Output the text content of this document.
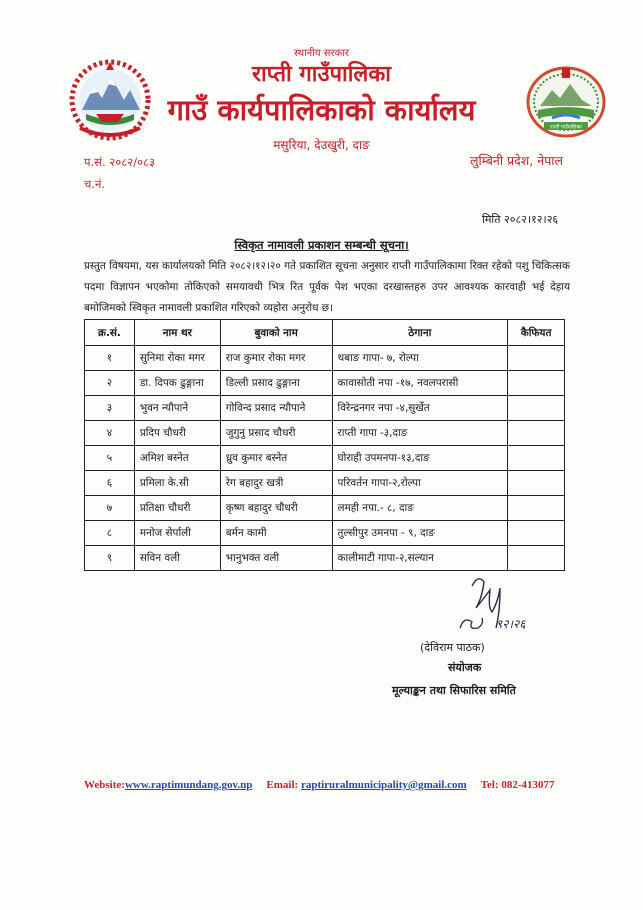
राप्ती गाउँपालिका
स्थानीय सरकार
राप्ती गाउँपालिका
गाउँ कार्यपालिकाको कार्यालय
मसुरिया, देउखुरी, दाङ
लुम्बिनी प्रदेश, नेपाल
प.सं. २०८२/०८३
च.नं.
मिति २०८२।१२।२६
स्विकृत नामावली प्रकाशन सम्बन्धी सूचना।
प्रस्तुत विषयमा, यस कार्यालयको मिति २०८२।१२।२० गते प्रकाशित सूचना अनुसार राप्ती गाउँपालिकामा रिक्त रहेको पशु चिकित्सक पदमा विज्ञापन भएकोमा तोकिएको समयावधी भित्र रित पूर्वक पेश भएका दरखास्तहरु उपर आवश्यक कारवाही भई देहाय बमोजिमको स्विकृत नामावली प्रकाशित गरिएको व्यहोरा अनुरोध छ।
क्र.सं.	नाम थर	बुवाको नाम	ठेगाना	कैफियत
१	सुनिमा रोका मगर	राज कुमार रोका मगर	थबाङ गापा- ७, रोल्पा	
२	डा. दिपक ढुङ्गाना	डिल्ली प्रसाद ढुङ्गाना	कावासोती नपा -१७, नवलपरासी	
३	भुवन न्यौपाने	गोविन्द प्रसाद न्यौपाने	विरेन्द्रनगर नपा -४,सुर्खेत	
४	प्रदिप चौधरी	जुगुनु प्रसाद चौधरी	राप्ती गापा -३,दाङ	
५	अमिश बस्नेत	ध्रुव कुमार बस्नेत	घोराही उपमनपा-१३,दाङ	
६	प्रमिला के.सी	रेग बहादुर खत्री	परिवर्तन गापा-२,रोल्पा	
७	प्रतिक्षा चौधरी	कृष्ण बहादुर चौधरी	लमही नपा.- ८, दाङ	
८	मनोज सेर्पाली	बर्मन कामी	तुल्सीपुर उमनपा - ९, दाङ	
९	सविन वली	भानुभक्त वली	कालीमाटी गापा-२,सल्यान	
९२।२६
(देविराम पाठक)
संयोजक
मूल्याङ्कन तथा सिफारिस समिति
Website:www.raptimundang.gov.np Email: raptiruralmunicipality@gmail.com Tel: 082-413077
